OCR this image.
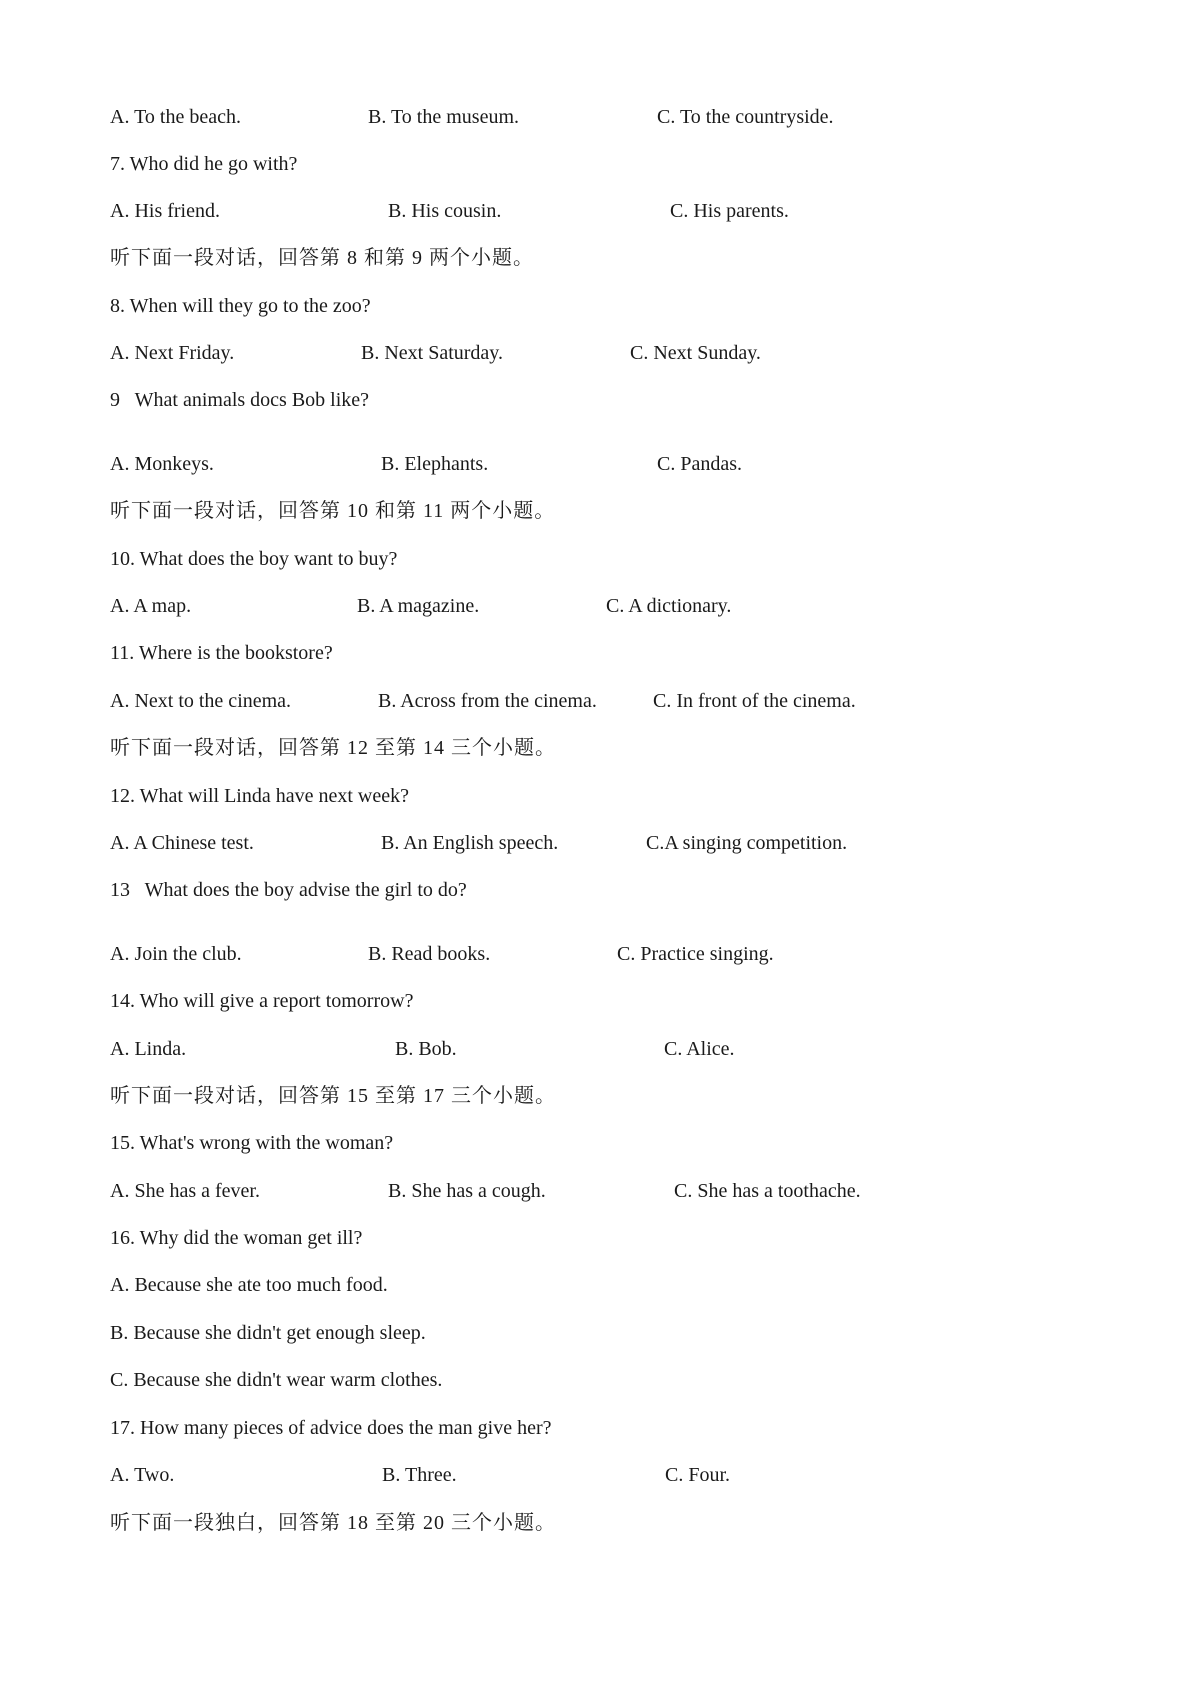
A. To the beach.	B. To the museum.	C. To the countryside.
7. Who did he go with?
A. His friend.	B. His cousin.	C. His parents.
听下面一段对话，回答第 8 和第 9 两个小题。
8. When will they go to the zoo?
A. Next Friday.	B. Next Saturday.	C. Next Sunday.
9   What animals docs Bob like?
A. Monkeys.	B. Elephants.	C. Pandas.
听下面一段对话，回答第 10 和第 11 两个小题。
10. What does the boy want to buy?
A. A map.	B. A magazine.	C. A dictionary.
11. Where is the bookstore?
A. Next to the cinema.	B. Across from the cinema.	C. In front of the cinema.
听下面一段对话，回答第 12 至第 14 三个小题。
12. What will Linda have next week?
A. A Chinese test.	B. An English speech.	C.A singing competition.
13   What does the boy advise the girl to do?
A. Join the club.	B. Read books.	C. Practice singing.
14. Who will give a report tomorrow?
A. Linda.	B. Bob.	C. Alice.
听下面一段对话，回答第 15 至第 17 三个小题。
15. What's wrong with the woman?
A. She has a fever.	B. She has a cough.	C. She has a toothache.
16. Why did the woman get ill?
A. Because she ate too much food.
B. Because she didn't get enough sleep.
C. Because she didn't wear warm clothes.
17. How many pieces of advice does the man give her?
A. Two.	B. Three.	C. Four.
听下面一段独白，回答第 18 至第 20 三个小题。
